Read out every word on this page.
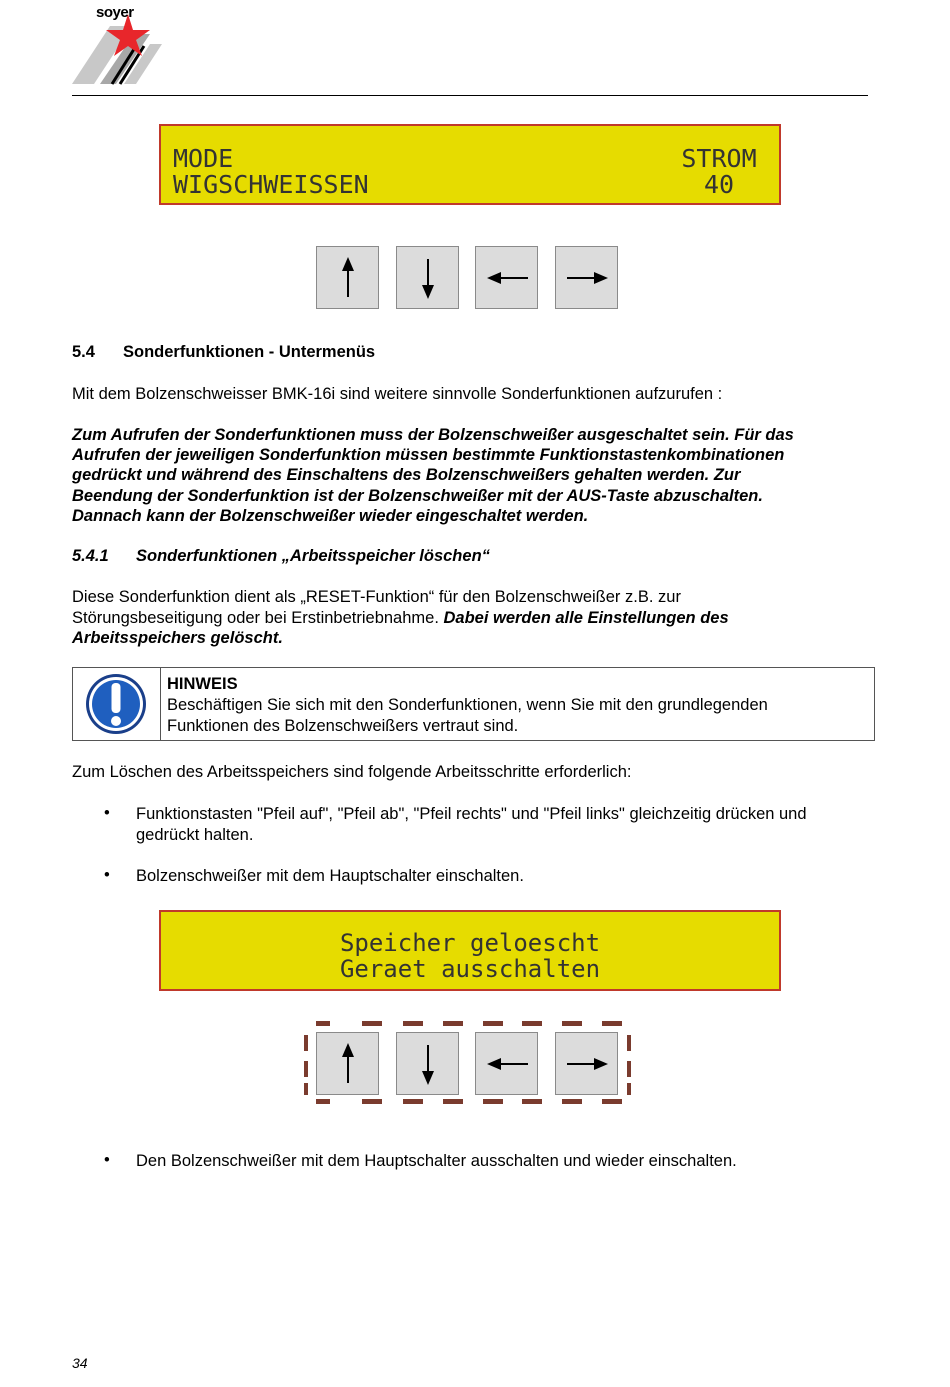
soyer
MODE
WIGSCHWEISSEN
STROM
40
5.4 Sonderfunktionen - Untermenüs
Mit dem Bolzenschweisser BMK-16i sind weitere sinnvolle Sonderfunktionen aufzurufen :
Zum Aufrufen der Sonderfunktionen muss der Bolzenschweißer ausgeschaltet sein. Für das
Aufrufen der jeweiligen Sonderfunktion müssen bestimmte Funktionstastenkombinationen
gedrückt und während des Einschaltens des Bolzenschweißers gehalten werden. Zur
Beendung der Sonderfunktion ist der Bolzenschweißer mit der AUS-Taste abzuschalten.
Dannach kann der Bolzenschweißer wieder eingeschaltet werden.
5.4.1 Sonderfunktionen „Arbeitsspeicher löschen“
Diese Sonderfunktion dient als „RESET-Funktion“ für den Bolzenschweißer z.B. zur
Störungsbeseitigung oder bei Erstinbetriebnahme. Dabei werden alle Einstellungen des
Arbeitsspeichers gelöscht.
HINWEIS
Beschäftigen Sie sich mit den Sonderfunktionen, wenn Sie mit den grundlegenden
Funktionen des Bolzenschweißers vertraut sind.
Zum Löschen des Arbeitsspeichers sind folgende Arbeitsschritte erforderlich:
• Funktionstasten "Pfeil auf", "Pfeil ab", "Pfeil rechts" und "Pfeil links" gleichzeitig drücken und
gedrückt halten.
• Bolzenschweißer mit dem Hauptschalter einschalten.
Speicher geloescht
Geraet ausschalten
• Den Bolzenschweißer mit dem Hauptschalter ausschalten und wieder einschalten.
34
